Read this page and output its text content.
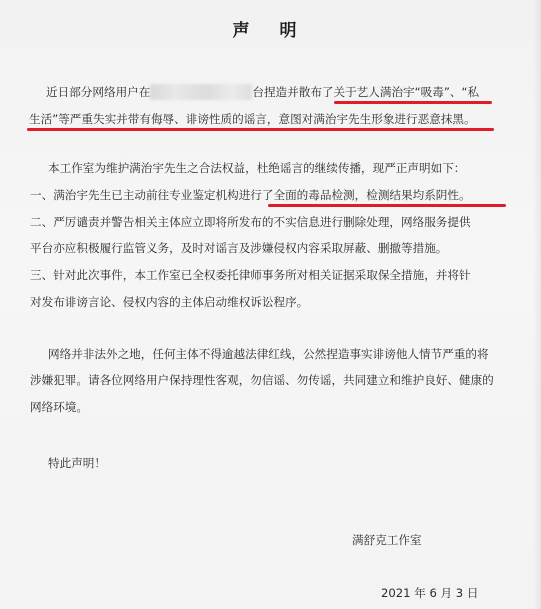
声 明
近日部分网络用户在	台捏造并散布了关于艺人满治宇“吸毒”、“私
生活”等严重失实并带有侮辱、诽谤性质的谣言，意图对满治宇先生形象进行恶意抹黑。
本工作室为维护满治宇先生之合法权益，杜绝谣言的继续传播，现严正声明如下：
一、满治宇先生已主动前往专业鉴定机构进行了全面的毒品检测，检测结果均系阴性。
二、严厉谴责并警告相关主体应立即将所发布的不实信息进行删除处理，网络服务提供
平台亦应积极履行监管义务，及时对谣言及涉嫌侵权内容采取屏蔽、删撤等措施。
三、针对此次事件，本工作室已全权委托律师事务所对相关证据采取保全措施，并将针
对发布诽谤言论、侵权内容的主体启动维权诉讼程序。
网络并非法外之地，任何主体不得逾越法律红线，公然捏造事实诽谤他人情节严重的将
涉嫌犯罪。请各位网络用户保持理性客观，勿信谣、勿传谣，共同建立和维护良好、健康的
网络环境。
特此声明！
满舒克工作室
2021 年 6 月 3 日
